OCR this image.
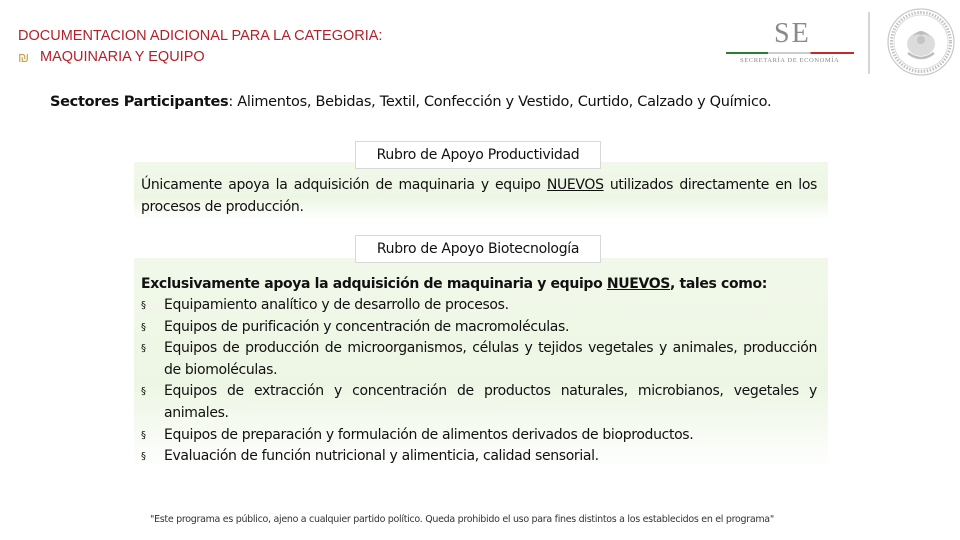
DOCUMENTACION ADICIONAL PARA LA CATEGORIA:
₪ MAQUINARIA Y EQUIPO
SE
SECRETARÍA DE ECONOMÍA
Sectores Participantes: Alimentos, Bebidas, Textil, Confección y Vestido, Curtido, Calzado y Químico.
Rubro de Apoyo Productividad
Únicamente apoya la adquisición de maquinaria y equipo NUEVOS utilizados directamente en los procesos de producción.
Rubro de Apoyo Biotecnología
Exclusivamente apoya la adquisición de maquinaria y equipo NUEVOS, tales como:
§ Equipamiento analítico y de desarrollo de procesos.
§ Equipos de purificación y concentración de macromoléculas.
§ Equipos de producción de microorganismos, células y tejidos vegetales y animales, producción de biomoléculas.
§ Equipos de extracción y concentración de productos naturales, microbianos, vegetales y animales.
§ Equipos de preparación y formulación de alimentos derivados de bioproductos.
§ Evaluación de función nutricional y alimenticia, calidad sensorial.
"Este programa es público, ajeno a cualquier partido político. Queda prohibido el uso para fines distintos a los establecidos en el programa"
